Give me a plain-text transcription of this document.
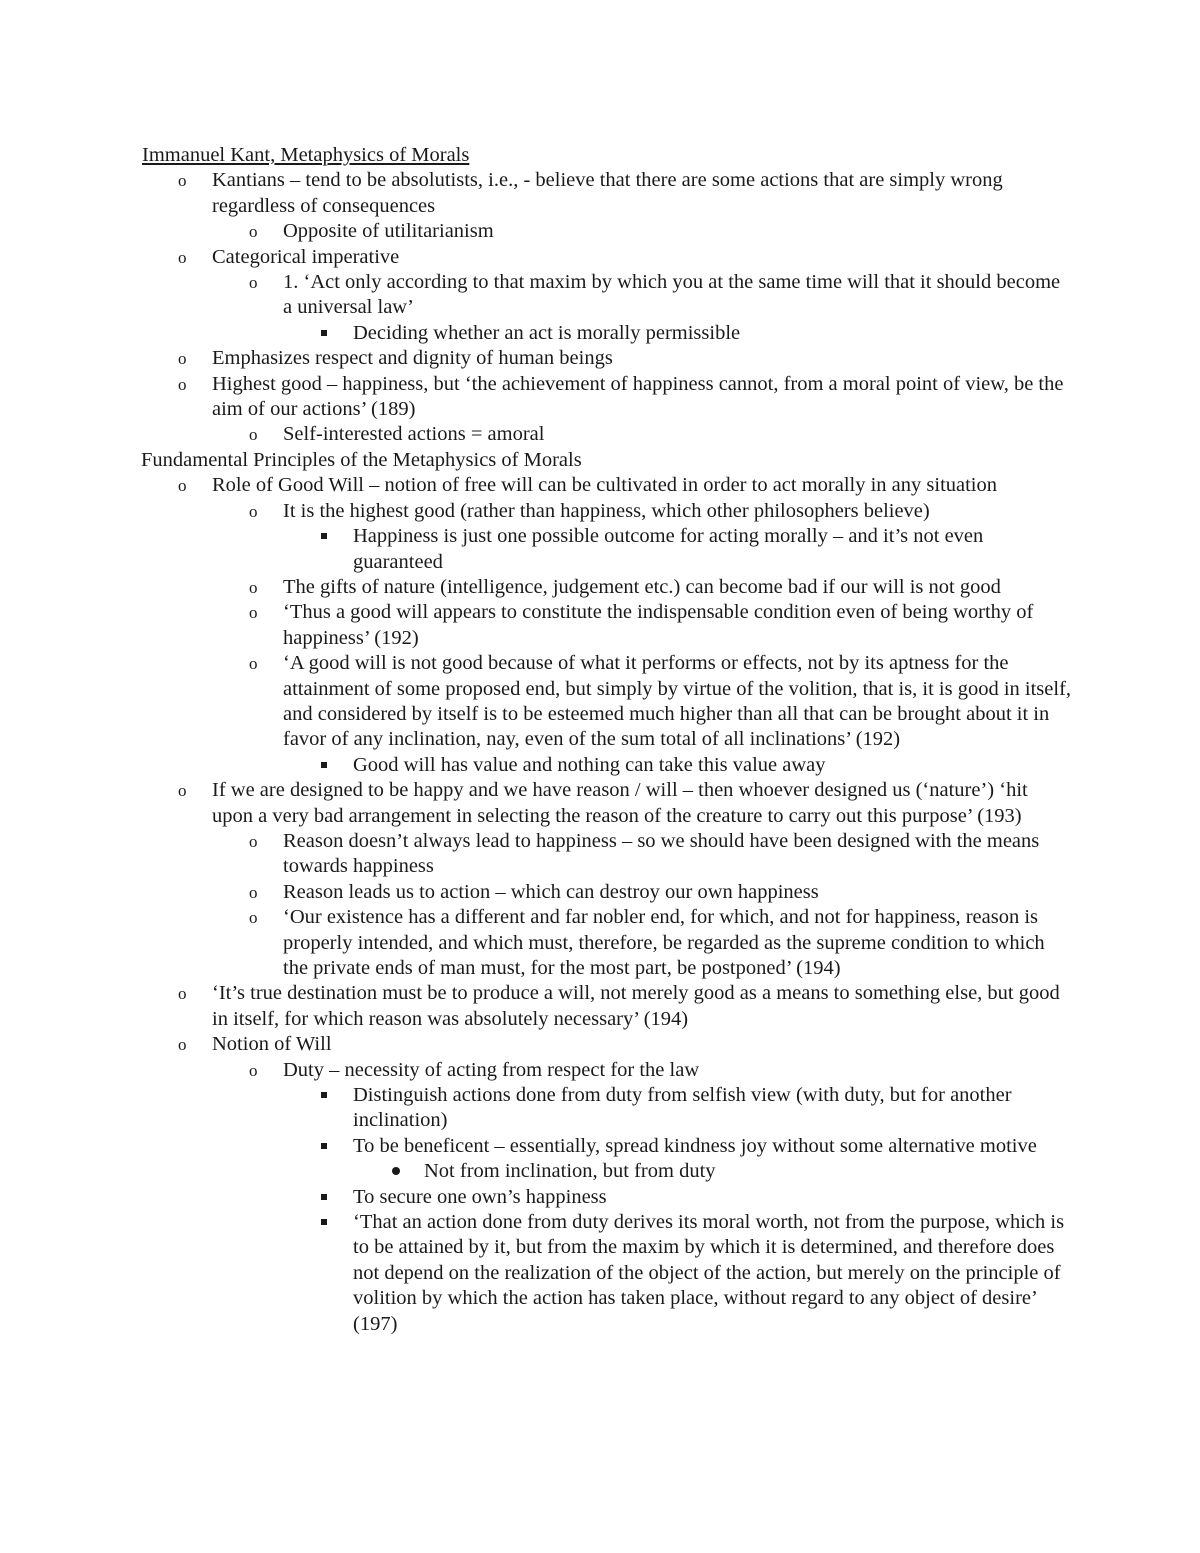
Immanuel Kant, Metaphysics of Morals
o Kantians – tend to be absolutists, i.e., - believe that there are some actions that are simply wrong regardless of consequences
o Opposite of utilitarianism
o Categorical imperative
o 1. ‘Act only according to that maxim by which you at the same time will that it should become a universal law’
Deciding whether an act is morally permissible
o Emphasizes respect and dignity of human beings
o Highest good – happiness, but ‘the achievement of happiness cannot, from a moral point of view, be the aim of our actions’ (189)
o Self-interested actions = amoral
Fundamental Principles of the Metaphysics of Morals
o Role of Good Will – notion of free will can be cultivated in order to act morally in any situation
o It is the highest good (rather than happiness, which other philosophers believe)
Happiness is just one possible outcome for acting morally – and it’s not even guaranteed
o The gifts of nature (intelligence, judgement etc.) can become bad if our will is not good
o ‘Thus a good will appears to constitute the indispensable condition even of being worthy of happiness’ (192)
o ‘A good will is not good because of what it performs or effects, not by its aptness for the attainment of some proposed end, but simply by virtue of the volition, that is, it is good in itself, and considered by itself is to be esteemed much higher than all that can be brought about it in favor of any inclination, nay, even of the sum total of all inclinations’ (192)
Good will has value and nothing can take this value away
o If we are designed to be happy and we have reason / will – then whoever designed us (‘nature’) ‘hit upon a very bad arrangement in selecting the reason of the creature to carry out this purpose’ (193)
o Reason doesn’t always lead to happiness – so we should have been designed with the means towards happiness
o Reason leads us to action – which can destroy our own happiness
o ‘Our existence has a different and far nobler end, for which, and not for happiness, reason is properly intended, and which must, therefore, be regarded as the supreme condition to which the private ends of man must, for the most part, be postponed’ (194)
o ‘It’s true destination must be to produce a will, not merely good as a means to something else, but good in itself, for which reason was absolutely necessary’ (194)
o Notion of Will
o Duty – necessity of acting from respect for the law
Distinguish actions done from duty from selfish view (with duty, but for another inclination)
To be beneficent – essentially, spread kindness joy without some alternative motive
Not from inclination, but from duty
To secure one own’s happiness
‘That an action done from duty derives its moral worth, not from the purpose, which is to be attained by it, but from the maxim by which it is determined, and therefore does not depend on the realization of the object of the action, but merely on the principle of volition by which the action has taken place, without regard to any object of desire’ (197)
